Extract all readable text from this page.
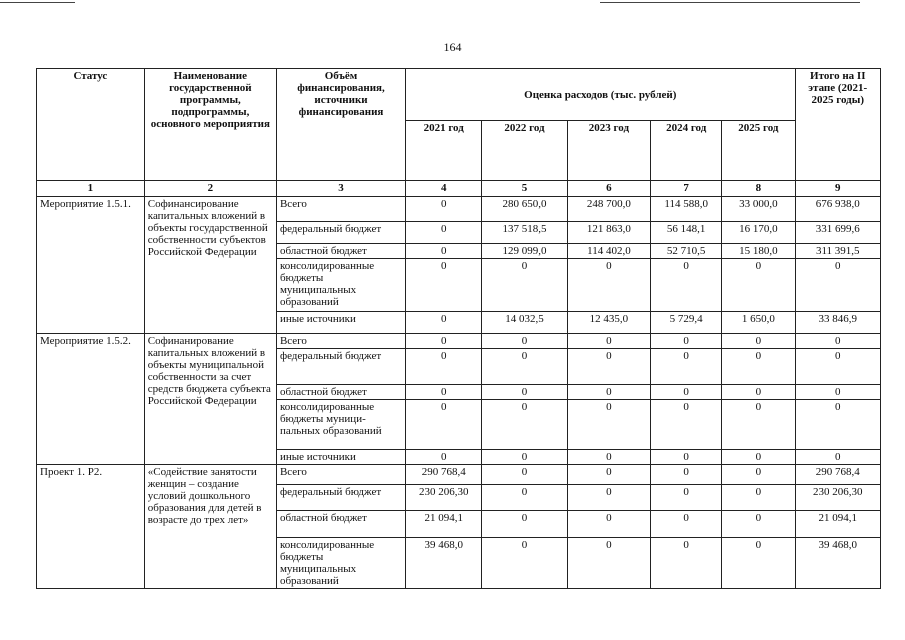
164
Статус	Наименование государственной программы, подпрограммы, основного мероприятия	Объём финансирования, источники финансирования	Оценка расходов (тыс. рублей)					Итого на II этапе (2021-2025 годы)
			2021 год	2022 год	2023 год	2024 год	2025 год	
1	2	3	4	5	6	7	8	9
Мероприятие 1.5.1.	Софинансирование капитальных вложений в объекты государственной собственности субъектов Российской Федерации	Всего	0	280 650,0	248 700,0	114 588,0	33 000,0	676 938,0
		федеральный бюджет	0	137 518,5	121 863,0	56 148,1	16 170,0	331 699,6
		областной бюджет	0	129 099,0	114 402,0	52 710,5	15 180,0	311 391,5
		консолидированные бюджеты муниципальных образований	0	0	0	0	0	0
		иные источники	0	14 032,5	12 435,0	5 729,4	1 650,0	33 846,9
Мероприятие 1.5.2.	Софинанирование капитальных вложений в объекты муниципальной собственности за счет средств бюджета субъекта Российской Федерации	Всего	0	0	0	0	0	0
		федеральный бюджет	0	0	0	0	0	0
		областной бюджет	0	0	0	0	0	0
		консолидированные бюджеты муници-пальных образований	0	0	0	0	0	0
		иные источники	0	0	0	0	0	0
Проект 1. Р2.	«Содействие занятости женщин – создание условий дошкольного образования для детей в возрасте до трех лет»	Всего	290 768,4	0	0	0	0	290 768,4
		федеральный бюджет	230 206,30	0	0	0	0	230 206,30
		областной бюджет	21 094,1	0	0	0	0	21 094,1
		консолидированные бюджеты муниципальных образований	39 468,0	0	0	0	0	39 468,0
